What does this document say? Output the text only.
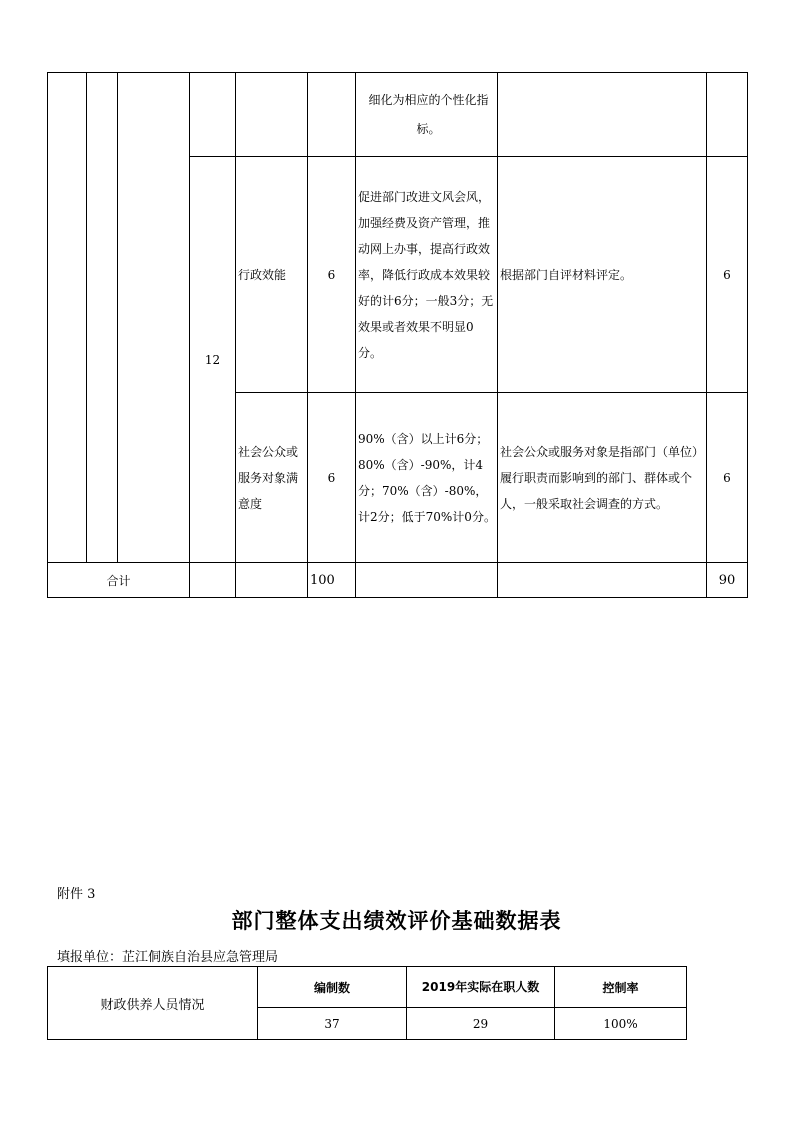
						细化为相应的个性化指标。		
			12	行政效能	6	促进部门改进文风会风，加强经费及资产管理，推动网上办事，提高行政效率，降低行政成本效果较好的计6分；一般3分；无效果或者效果不明显0分。	根据部门自评材料评定。	6
				社会公众或服务对象满意度	6	90%（含）以上计6分；80%（含）-90%，计4分；70%（含）-80%，计2分；低于70%计0分。	社会公众或服务对象是指部门（单位）履行职责而影响到的部门、群体或个人，一般采取社会调查的方式。	6
合计					100			90
附件 3
部门整体支出绩效评价基础数据表
填报单位：芷江侗族自治县应急管理局
财政供养人员情况	编制数	2019年实际在职人数	控制率
	37	29	100%
